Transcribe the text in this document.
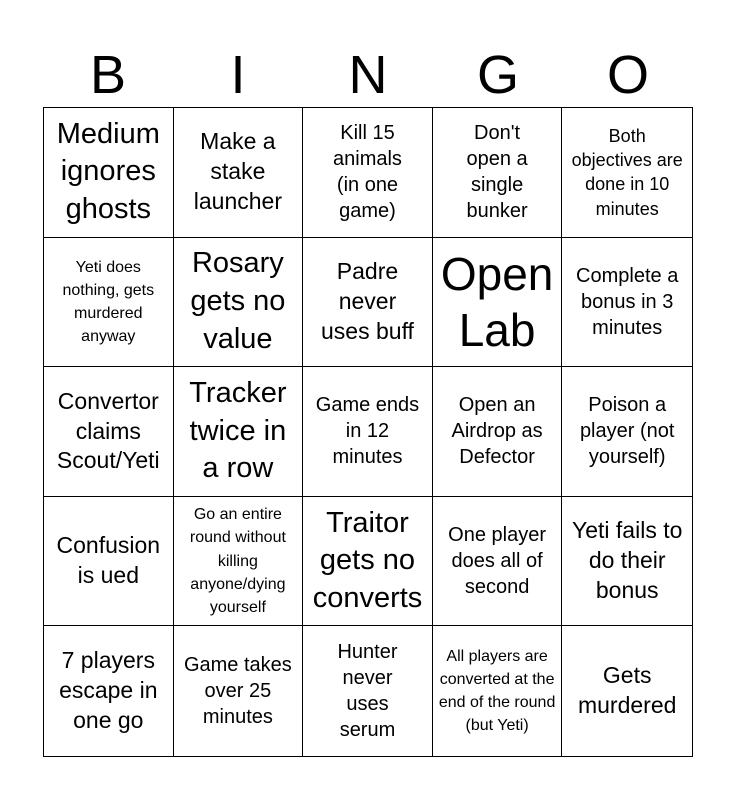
B	I	N	G	O
Medium ignores ghosts
Make a stake launcher
Kill 15 animals (in one game)
Don't open a single bunker
Both objectives are done in 10 minutes
Yeti does nothing, gets murdered anyway
Rosary gets no value
Padre never uses buff
Open Lab
Complete a bonus in 3 minutes
Convertor claims Scout/Yeti
Tracker twice in a row
Game ends in 12 minutes
Open an Airdrop as Defector
Poison a player (not yourself)
Confusion is ued
Go an entire round without killing anyone/dying yourself
Traitor gets no converts
One player does all of second
Yeti fails to do their bonus
7 players escape in one go
Game takes over 25 minutes
Hunter never uses serum
All players are converted at the end of the round (but Yeti)
Gets murdered
